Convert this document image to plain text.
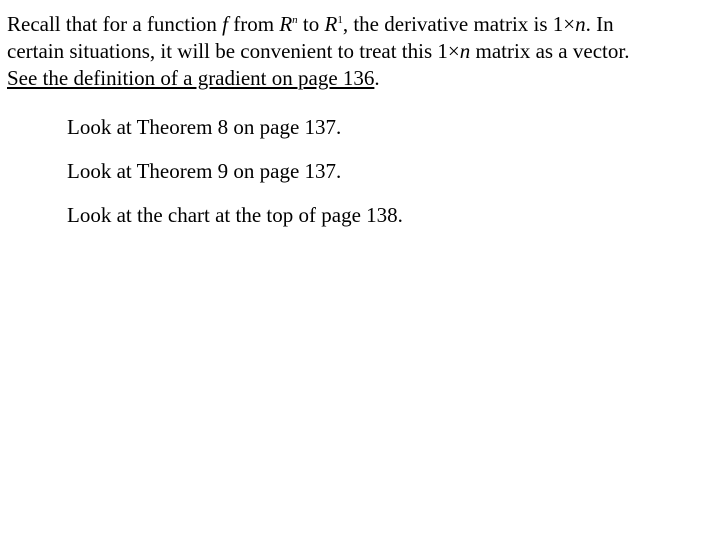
Recall that for a function f from $R^n$ to $R^1$, the derivative matrix is 1×n. In
certain situations, it will be convenient to treat this 1×n matrix as a vector.
See the definition of a gradient on page 136.
Look at Theorem 8 on page 137.
Look at Theorem 9 on page 137.
Look at the chart at the top of page 138.
